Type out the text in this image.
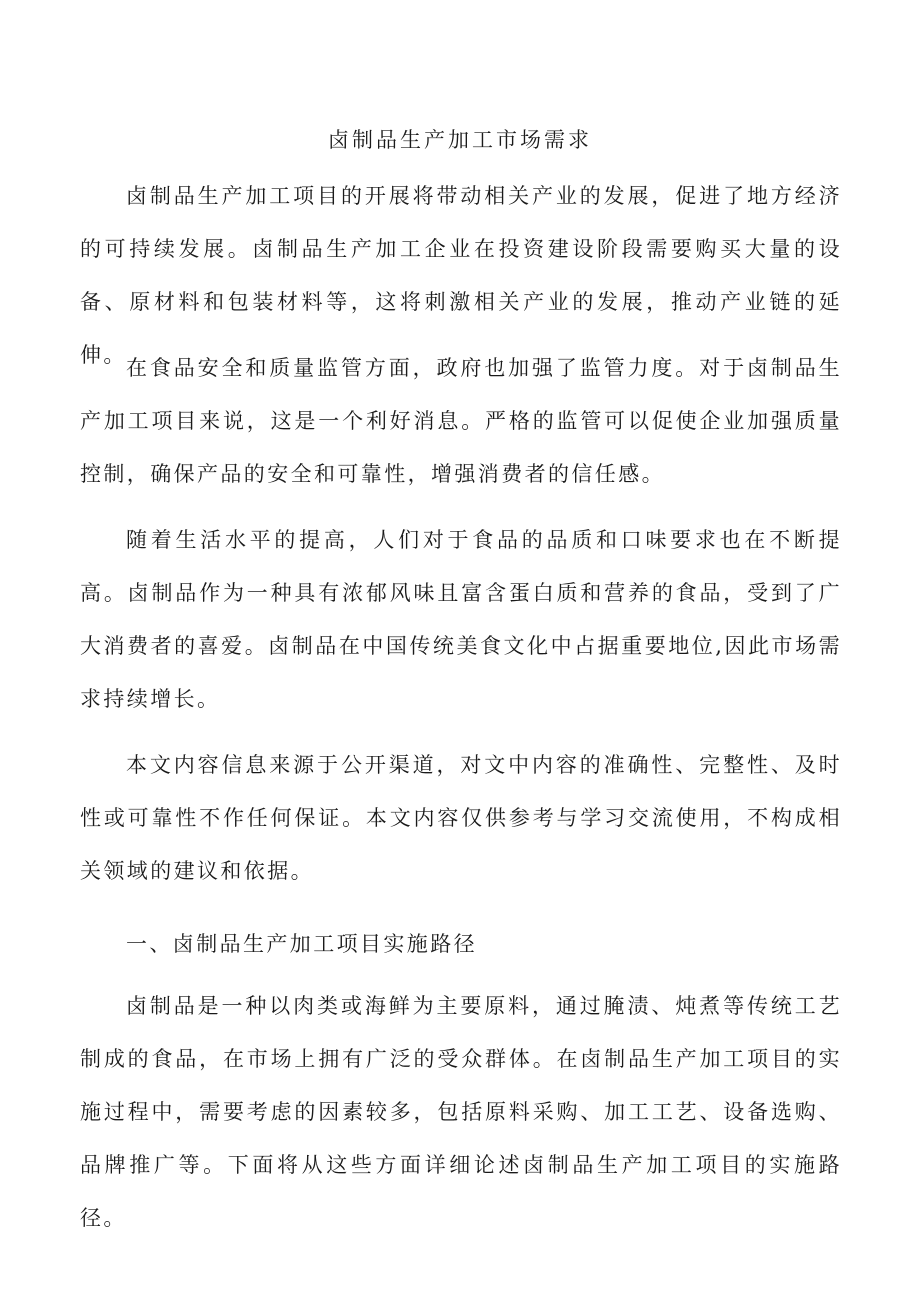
卤制品生产加工市场需求

卤制品生产加工项目的开展将带动相关产业的发展，促进了地方经济的可持续发展。卤制品生产加工企业在投资建设阶段需要购买大量的设备、原材料和包装材料等，这将刺激相关产业的发展，推动产业链的延伸。

在食品安全和质量监管方面，政府也加强了监管力度。对于卤制品生产加工项目来说，这是一个利好消息。严格的监管可以促使企业加强质量控制，确保产品的安全和可靠性，增强消费者的信任感。

随着生活水平的提高，人们对于食品的品质和口味要求也在不断提高。卤制品作为一种具有浓郁风味且富含蛋白质和营养的食品，受到了广大消费者的喜爱。卤制品在中国传统美食文化中占据重要地位,因此市场需求持续增长。

本文内容信息来源于公开渠道，对文中内容的准确性、完整性、及时性或可靠性不作任何保证。本文内容仅供参考与学习交流使用，不构成相关领域的建议和依据。

一、卤制品生产加工项目实施路径

卤制品是一种以肉类或海鲜为主要原料，通过腌渍、炖煮等传统工艺制成的食品，在市场上拥有广泛的受众群体。在卤制品生产加工项目的实施过程中，需要考虑的因素较多，包括原料采购、加工工艺、设备选购、品牌推广等。下面将从这些方面详细论述卤制品生产加工项目的实施路径。
